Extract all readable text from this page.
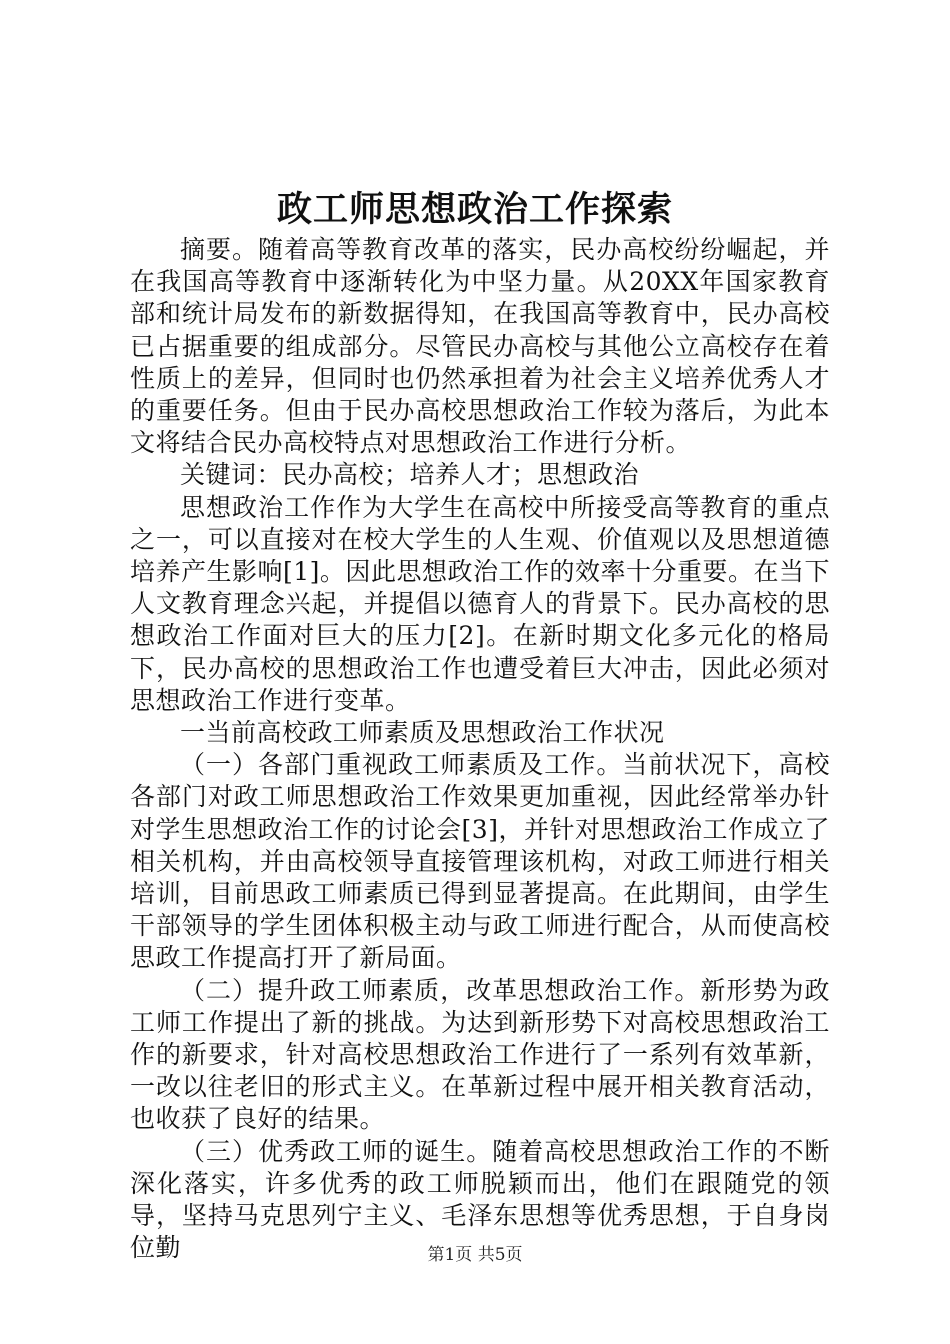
政工师思想政治工作探索

摘要。随着高等教育改革的落实，民办高校纷纷崛起，并在我国高等教育中逐渐转化为中坚力量。从20XX年国家教育部和统计局发布的新数据得知，在我国高等教育中，民办高校已占据重要的组成部分。尽管民办高校与其他公立高校存在着性质上的差异，但同时也仍然承担着为社会主义培养优秀人才的重要任务。但由于民办高校思想政治工作较为落后，为此本文将结合民办高校特点对思想政治工作进行分析。

关键词：民办高校；培养人才；思想政治

思想政治工作作为大学生在高校中所接受高等教育的重点之一，可以直接对在校大学生的人生观、价值观以及思想道德培养产生影响[1]。因此思想政治工作的效率十分重要。在当下人文教育理念兴起，并提倡以德育人的背景下。民办高校的思想政治工作面对巨大的压力[2]。在新时期文化多元化的格局下，民办高校的思想政治工作也遭受着巨大冲击，因此必须对思想政治工作进行变革。

一当前高校政工师素质及思想政治工作状况

（一）各部门重视政工师素质及工作。当前状况下，高校各部门对政工师思想政治工作效果更加重视，因此经常举办针对学生思想政治工作的讨论会[3]，并针对思想政治工作成立了相关机构，并由高校领导直接管理该机构，对政工师进行相关培训，目前思政工师素质已得到显著提高。在此期间，由学生干部领导的学生团体积极主动与政工师进行配合，从而使高校思政工作提高打开了新局面。

（二）提升政工师素质，改革思想政治工作。新形势为政工师工作提出了新的挑战。为达到新形势下对高校思想政治工作的新要求，针对高校思想政治工作进行了一系列有效革新，一改以往老旧的形式主义。在革新过程中展开相关教育活动，也收获了良好的结果。

（三）优秀政工师的诞生。随着高校思想政治工作的不断深化落实，许多优秀的政工师脱颖而出，他们在跟随党的领导，坚持马克思列宁主义、毛泽东思想等优秀思想，于自身岗位勤	第1页 共5页
